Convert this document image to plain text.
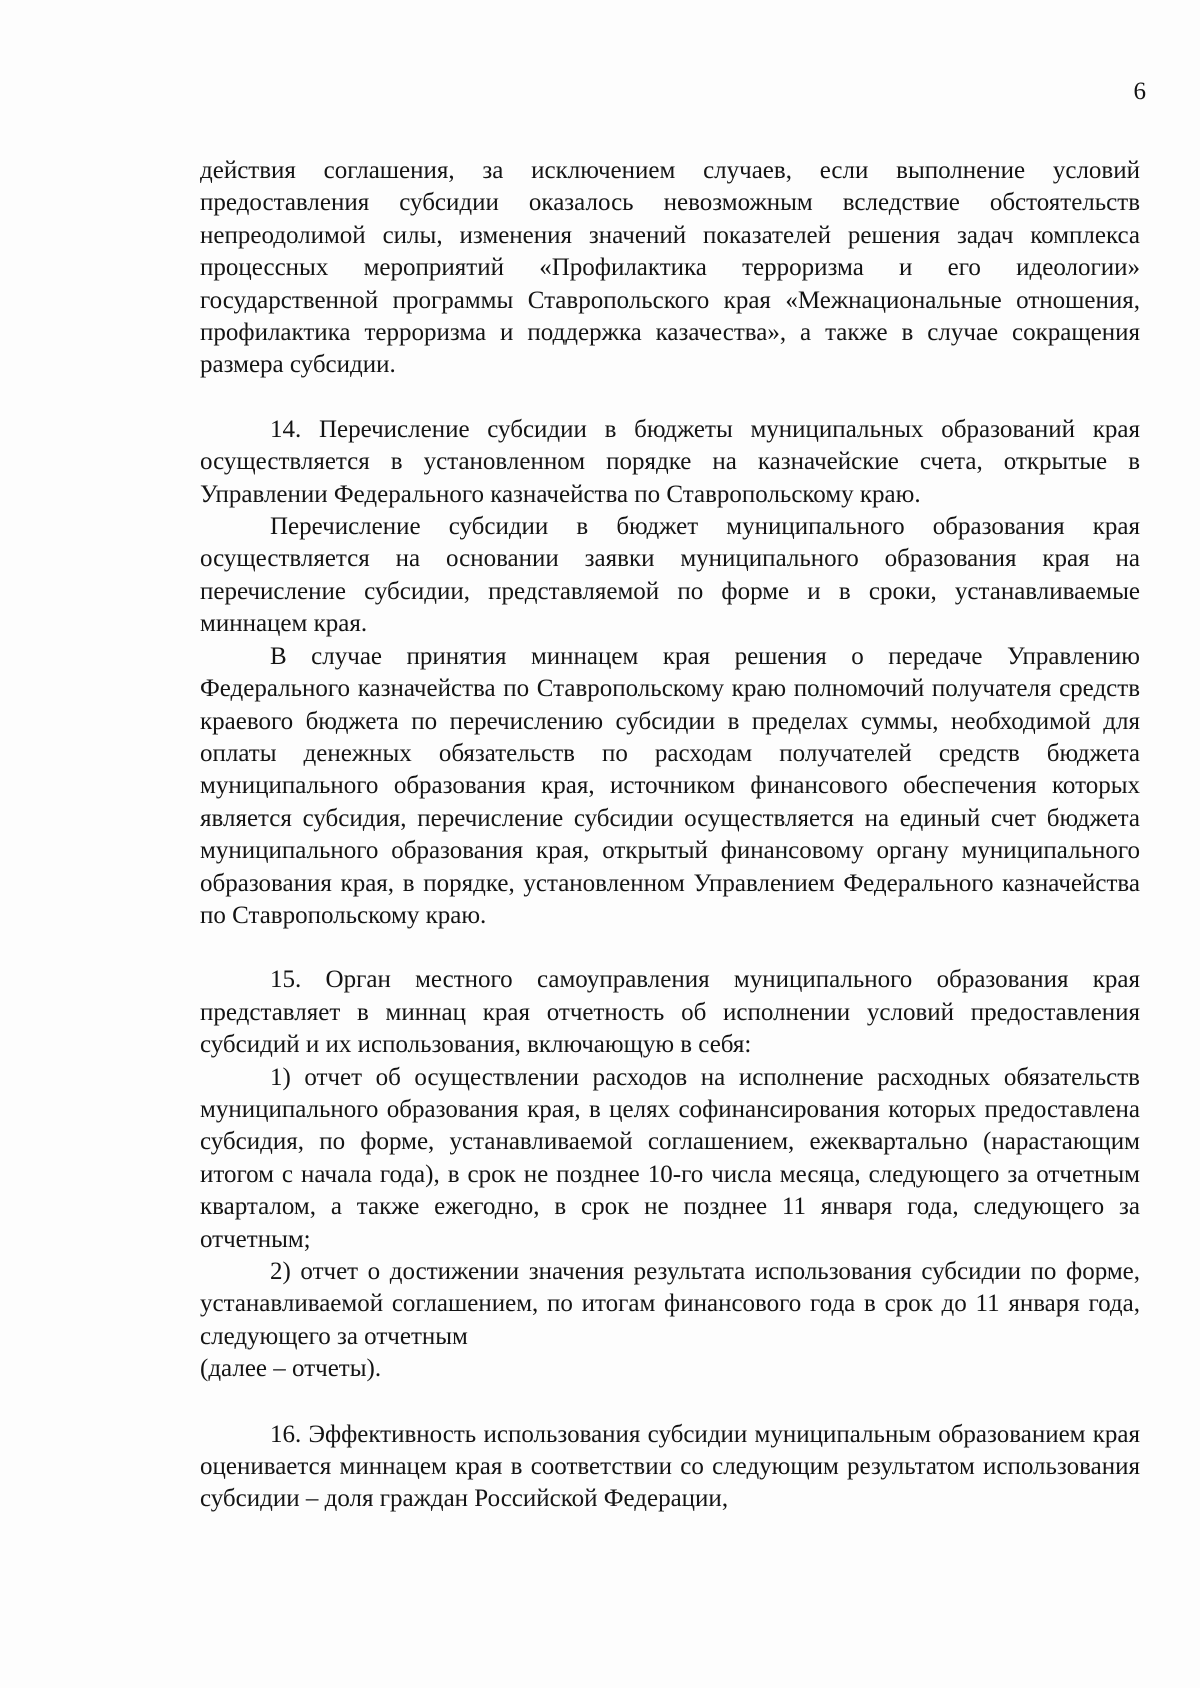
6

действия соглашения, за исключением случаев, если выполнение условий предоставления субсидии оказалось невозможным вследствие обстоятельств непреодолимой силы, изменения значений показателей решения задач комплекса процессных мероприятий «Профилактика терроризма и его идеологии» государственной программы Ставропольского края «Межнациональные отношения, профилактика терроризма и поддержка казачества», а также в случае сокращения размера субсидии.

14. Перечисление субсидии в бюджеты муниципальных образований края осуществляется в установленном порядке на казначейские счета, открытые в Управлении Федерального казначейства по Ставропольскому краю.

Перечисление субсидии в бюджет муниципального образования края осуществляется на основании заявки муниципального образования края на перечисление субсидии, представляемой по форме и в сроки, устанавливаемые миннацем края.

В случае принятия миннацем края решения о передаче Управлению Федерального казначейства по Ставропольскому краю полномочий получателя средств краевого бюджета по перечислению субсидии в пределах суммы, необходимой для оплаты денежных обязательств по расходам получателей средств бюджета муниципального образования края, источником финансового обеспечения которых является субсидия, перечисление субсидии осуществляется на единый счет бюджета муниципального образования края, открытый финансовому органу муниципального образования края, в порядке, установленном Управлением Федерального казначейства по Ставропольскому краю.

15. Орган местного самоуправления муниципального образования края представляет в миннац края отчетность об исполнении условий предоставления субсидий и их использования, включающую в себя:

1) отчет об осуществлении расходов на исполнение расходных обязательств муниципального образования края, в целях софинансирования которых предоставлена субсидия, по форме, устанавливаемой соглашением, ежеквартально (нарастающим итогом с начала года), в срок не позднее 10-го числа месяца, следующего за отчетным кварталом, а также ежегодно, в срок не позднее 11 января года, следующего за отчетным;

2) отчет о достижении значения результата использования субсидии по форме, устанавливаемой соглашением, по итогам финансового года в срок до 11 января года, следующего за отчетным

(далее – отчеты).

16. Эффективность использования субсидии муниципальным образованием края оценивается миннацем края в соответствии со следующим результатом использования субсидии – доля граждан Российской Федерации,
